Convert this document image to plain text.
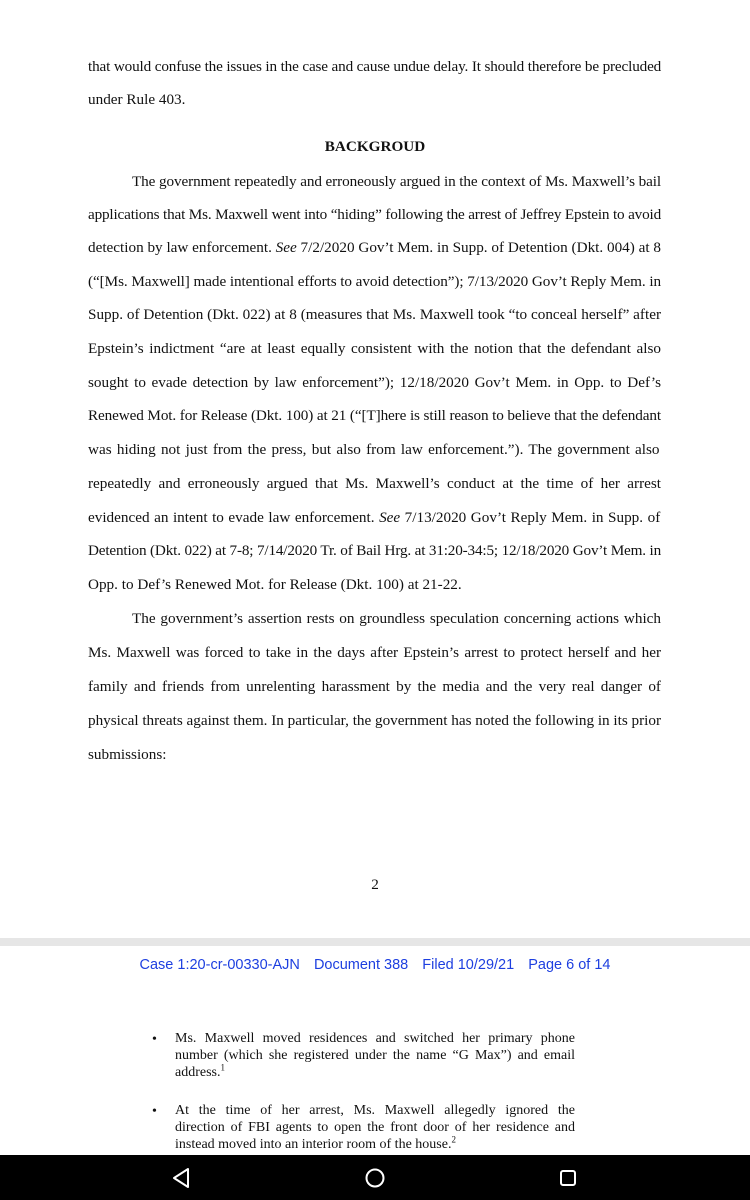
that would confuse the issues in the case and cause undue delay. It should therefore be precluded
under Rule 403.
BACKGROUD
The government repeatedly and erroneously argued in the context of Ms. Maxwell’s bail
applications that Ms. Maxwell went into “hiding” following the arrest of Jeffrey Epstein to avoid
detection by law enforcement. See 7/2/2020 Gov’t Mem. in Supp. of Detention (Dkt. 004) at 8
(“[Ms. Maxwell] made intentional efforts to avoid detection”); 7/13/2020 Gov’t Reply Mem. in
Supp. of Detention (Dkt. 022) at 8 (measures that Ms. Maxwell took “to conceal herself” after
Epstein’s indictment “are at least equally consistent with the notion that the defendant also
sought to evade detection by law enforcement”); 12/18/2020 Gov’t Mem. in Opp. to Def’s
Renewed Mot. for Release (Dkt. 100) at 21 (“[T]here is still reason to believe that the defendant
was hiding not just from the press, but also from law enforcement.”). The government also
repeatedly and erroneously argued that Ms. Maxwell’s conduct at the time of her arrest
evidenced an intent to evade law enforcement. See 7/13/2020 Gov’t Reply Mem. in Supp. of
Detention (Dkt. 022) at 7-8; 7/14/2020 Tr. of Bail Hrg. at 31:20-34:5; 12/18/2020 Gov’t Mem. in
Opp. to Def’s Renewed Mot. for Release (Dkt. 100) at 21-22.
The government’s assertion rests on groundless speculation concerning actions which
Ms. Maxwell was forced to take in the days after Epstein’s arrest to protect herself and her
family and friends from unrelenting harassment by the media and the very real danger of
physical threats against them. In particular, the government has noted the following in its prior
submissions:
2
Case 1:20-cr-00330-AJN Document 388 Filed 10/29/21 Page 6 of 14
• Ms. Maxwell moved residences and switched her primary phone
number (which she registered under the name “G Max”) and email
address.$^1$
• At the time of her arrest, Ms. Maxwell allegedly ignored the
direction of FBI agents to open the front door of her residence and
instead moved into an interior room of the house.$^2$
